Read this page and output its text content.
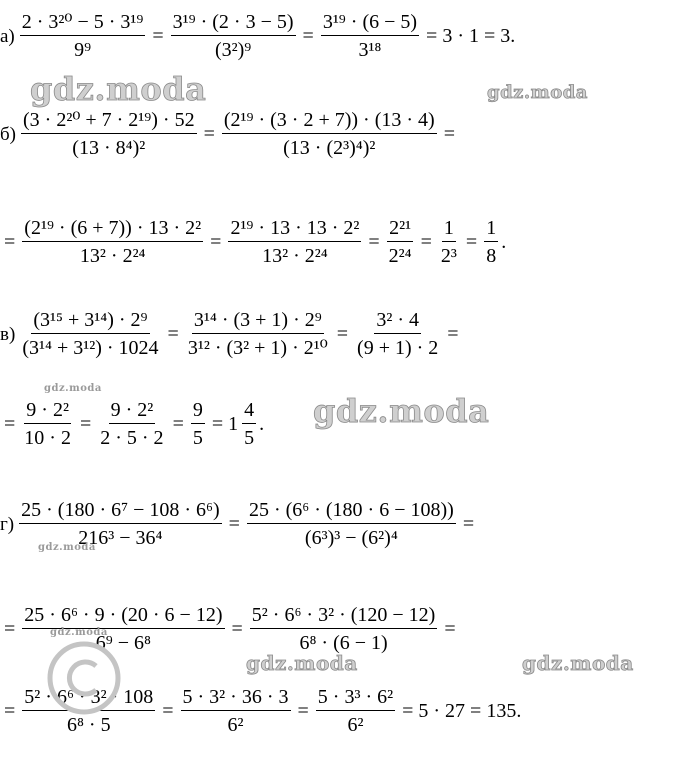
$а) \frac{\text{2 · 3²⁰ − 5 · 3¹⁹}}{\text{9⁹}} = \frac{\text{3¹⁹ · (2 · 3 − 5)}}{\text{(3²)⁹}} = \frac{\text{3¹⁹ · (6 − 5)}}{\text{3¹⁸}} = 3 \cdot 1 = 3$.
$б) \frac{\text{(3 · 2²⁰ + 7 · 2¹⁹) · 52}}{\text{(13 · 8⁴)²}} = \frac{\text{(2¹⁹ · (3 · 2 + 7)) · (13 · 4)}}{\text{(13 · (2³)⁴)²}}$ =
= $\frac{\text{(2¹⁹ · (6 + 7)) · 13 · 2²}}{\text{13² · 2²⁴}} = \frac{\text{2¹⁹ · 13 · 13 · 2²}}{\text{13² · 2²⁴}} = \frac{\text{2²¹}}{\text{2²⁴}} = \frac{1}{\text{2³}} = \frac{1}{8}$ .
$в) \frac{\text{(3¹⁵ + 3¹⁴) · 2⁹}}{\text{(3¹⁴ + 3¹²) · 1024}} = \frac{\text{3¹⁴ · (3 + 1) · 2⁹}}{\text{3¹² · (3² + 1) · 2¹⁰}} = \frac{\text{3² · 4}}{(9 + 1) \cdot 2}$ =
= $\frac{\text{9 · 2²}}{10 \cdot 2} = \frac{\text{9 · 2²}}{2 \cdot 5 \cdot 2} = \frac{9}{5} = 1 \frac{4}{5}$ .
$г) \frac{\text{25 · (180 · 6⁷ − 108 · 6⁶)}}{\text{216³ − 36⁴}} = \frac{\text{25 · (6⁶ · (180 · 6 − 108))}}{\text{(6³)³ − (6²)⁴}}$ =
= $\frac{\text{25 · 6⁶ · 9 · (20 · 6 − 12)}}{\text{6⁹ − 6⁸}} = \frac{\text{5² · 6⁶ · 3² · (120 − 12)}}{\text{6⁸ · (6 − 1)}}$ =
= $\frac{\text{5² · 6⁶ · 3² · 108}}{\text{6⁸ · 5}} = \frac{\text{5 · 3² · 36 · 3}}{\text{6²}} = \frac{\text{5 · 3³ · 6²}}{\text{6²}} = 5 \cdot 27 = 135$.
gdz.moda	gdz.moda
gdz.moda
gdz.moda
gdz.moda
gdz.moda
gdz.moda	gdz.moda
